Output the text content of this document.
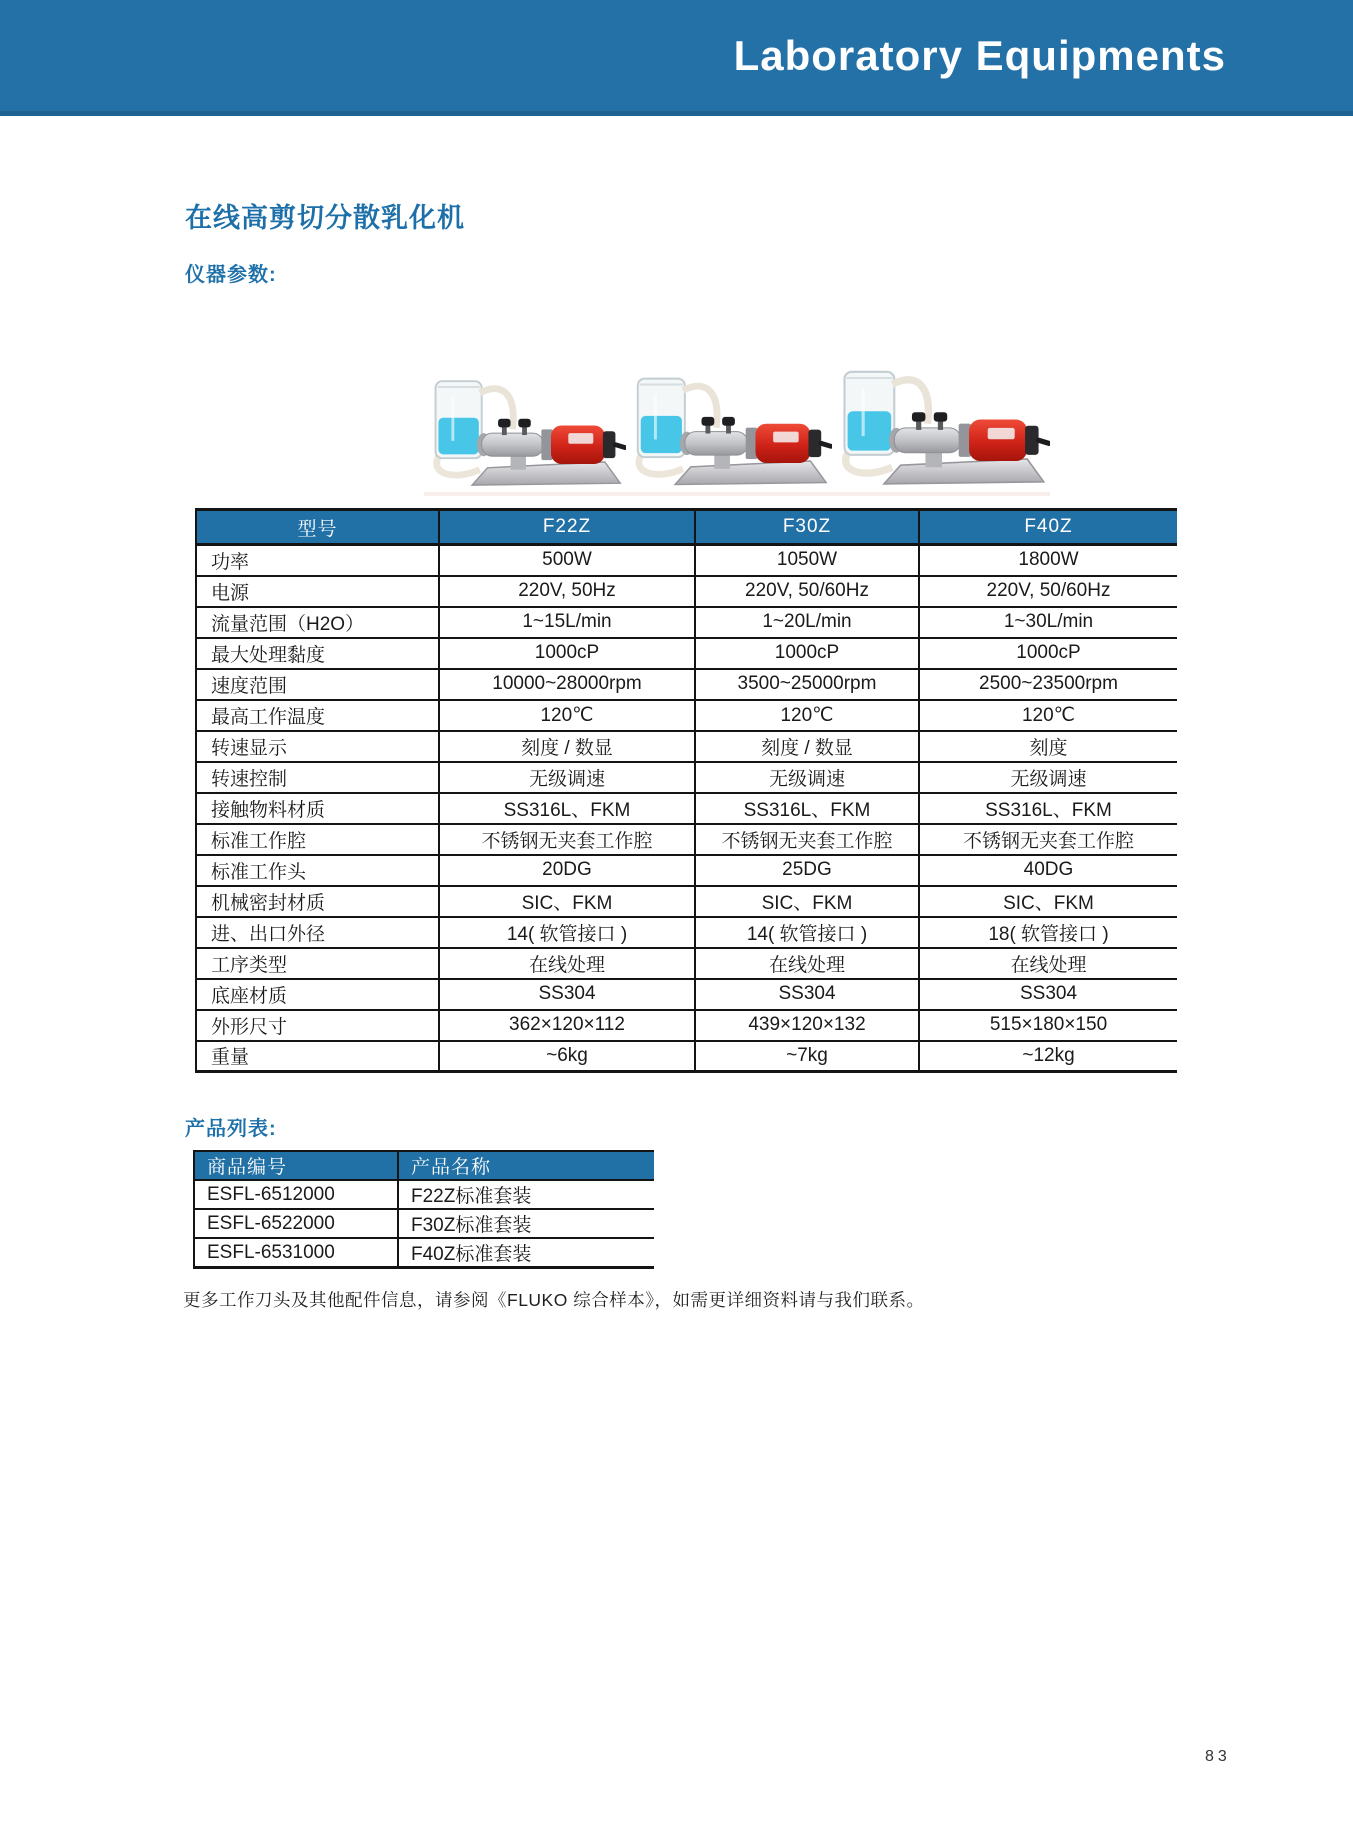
Laboratory Equipments
在线高剪切分散乳化机
仪器参数:
型号	F22Z	F30Z	F40Z
功率	500W	1050W	1800W
电源	220V, 50Hz	220V, 50/60Hz	220V, 50/60Hz
流量范围（H2O）	1~15L/min	1~20L/min	1~30L/min
最大处理黏度	1000cP	1000cP	1000cP
速度范围	10000~28000rpm	3500~25000rpm	2500~23500rpm
最高工作温度	120℃	120℃	120℃
转速显示	刻度 / 数显	刻度 / 数显	刻度
转速控制	无级调速	无级调速	无级调速
接触物料材质	SS316L、FKM	SS316L、FKM	SS316L、FKM
标准工作腔	不锈钢无夹套工作腔	不锈钢无夹套工作腔	不锈钢无夹套工作腔
标准工作头	20DG	25DG	40DG
机械密封材质	SIC、FKM	SIC、FKM	SIC、FKM
进、出口外径	14( 软管接口 )	14( 软管接口 )	18( 软管接口 )
工序类型	在线处理	在线处理	在线处理
底座材质	SS304	SS304	SS304
外形尺寸	362×120×112	439×120×132	515×180×150
重量	~6kg	~7kg	~12kg
产品列表:
商品编号	产品名称
ESFL-6512000	F22Z标准套装
ESFL-6522000	F30Z标准套装
ESFL-6531000	F40Z标准套装
更多工作刀头及其他配件信息，请参阅《FLUKO 综合样本》，如需更详细资料请与我们联系。
83
